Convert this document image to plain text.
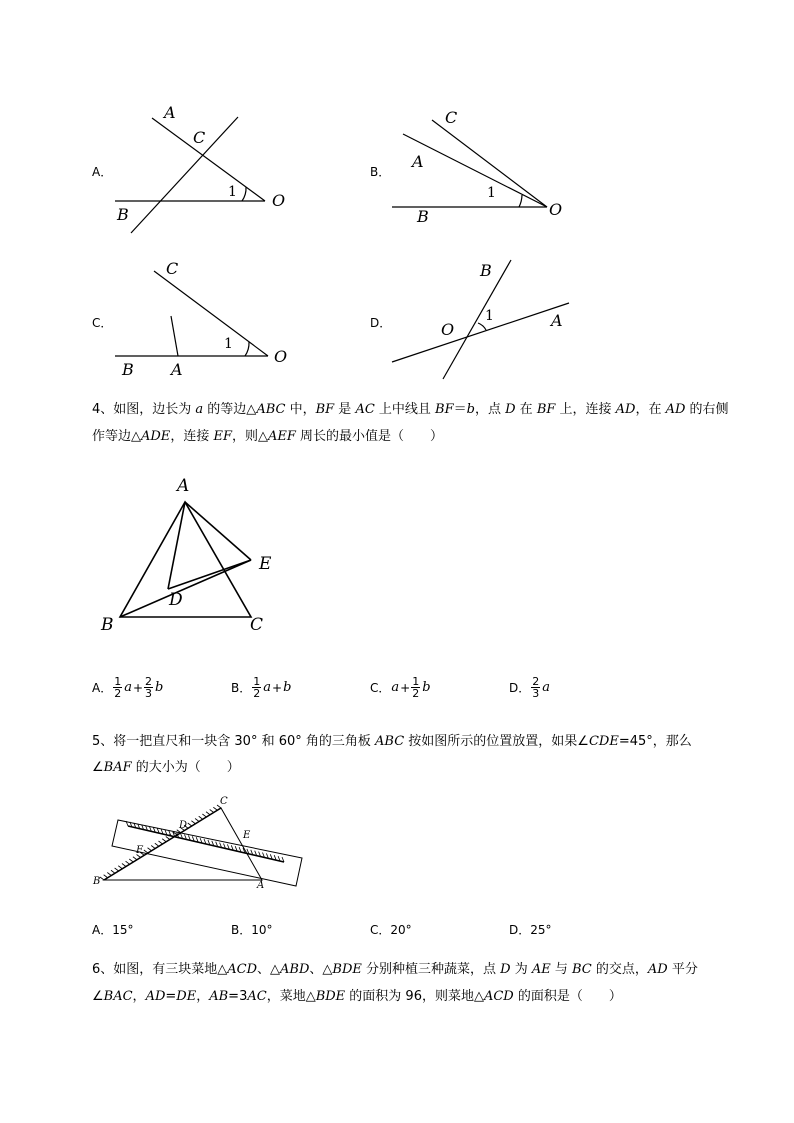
A．
A
C
B
O
1
B．
C
A
B	O
1
C．
C
B A
O
1
D．
B
O	A
1
4、如图，边长为 a 的等边△ABC 中，BF 是 AC 上中线且 BF＝b，点 D 在 BF 上，连接 AD，在 AD 的右侧
作等边△ADE，连接 EF，则△AEF 周长的最小值是（　　）
A
E
D
B	C
A． $\frac{1}{2}$ $a + \frac{2}{3}$ b	B． $\frac{1}{2}$ a + b	C． $a + \frac{1}{2}$ b	D． $\frac{2}{3}$ a
5、将一把直尺和一块含 30° 和 60° 角的三角板 ABC 按如图所示的位置放置，如果∠CDE=45°，那么
∠BAF 的大小为（　　）
C
D
E
F
B	A
A．15°	B．10°	C．20°	D．25°
6、如图，有三块菜地△ACD、△ABD、△BDE 分别种植三种蔬菜，点 D 为 AE 与 BC 的交点，AD 平分
∠BAC，AD=DE，AB=3AC，菜地△BDE 的面积为 96，则菜地△ACD 的面积是（　　）
